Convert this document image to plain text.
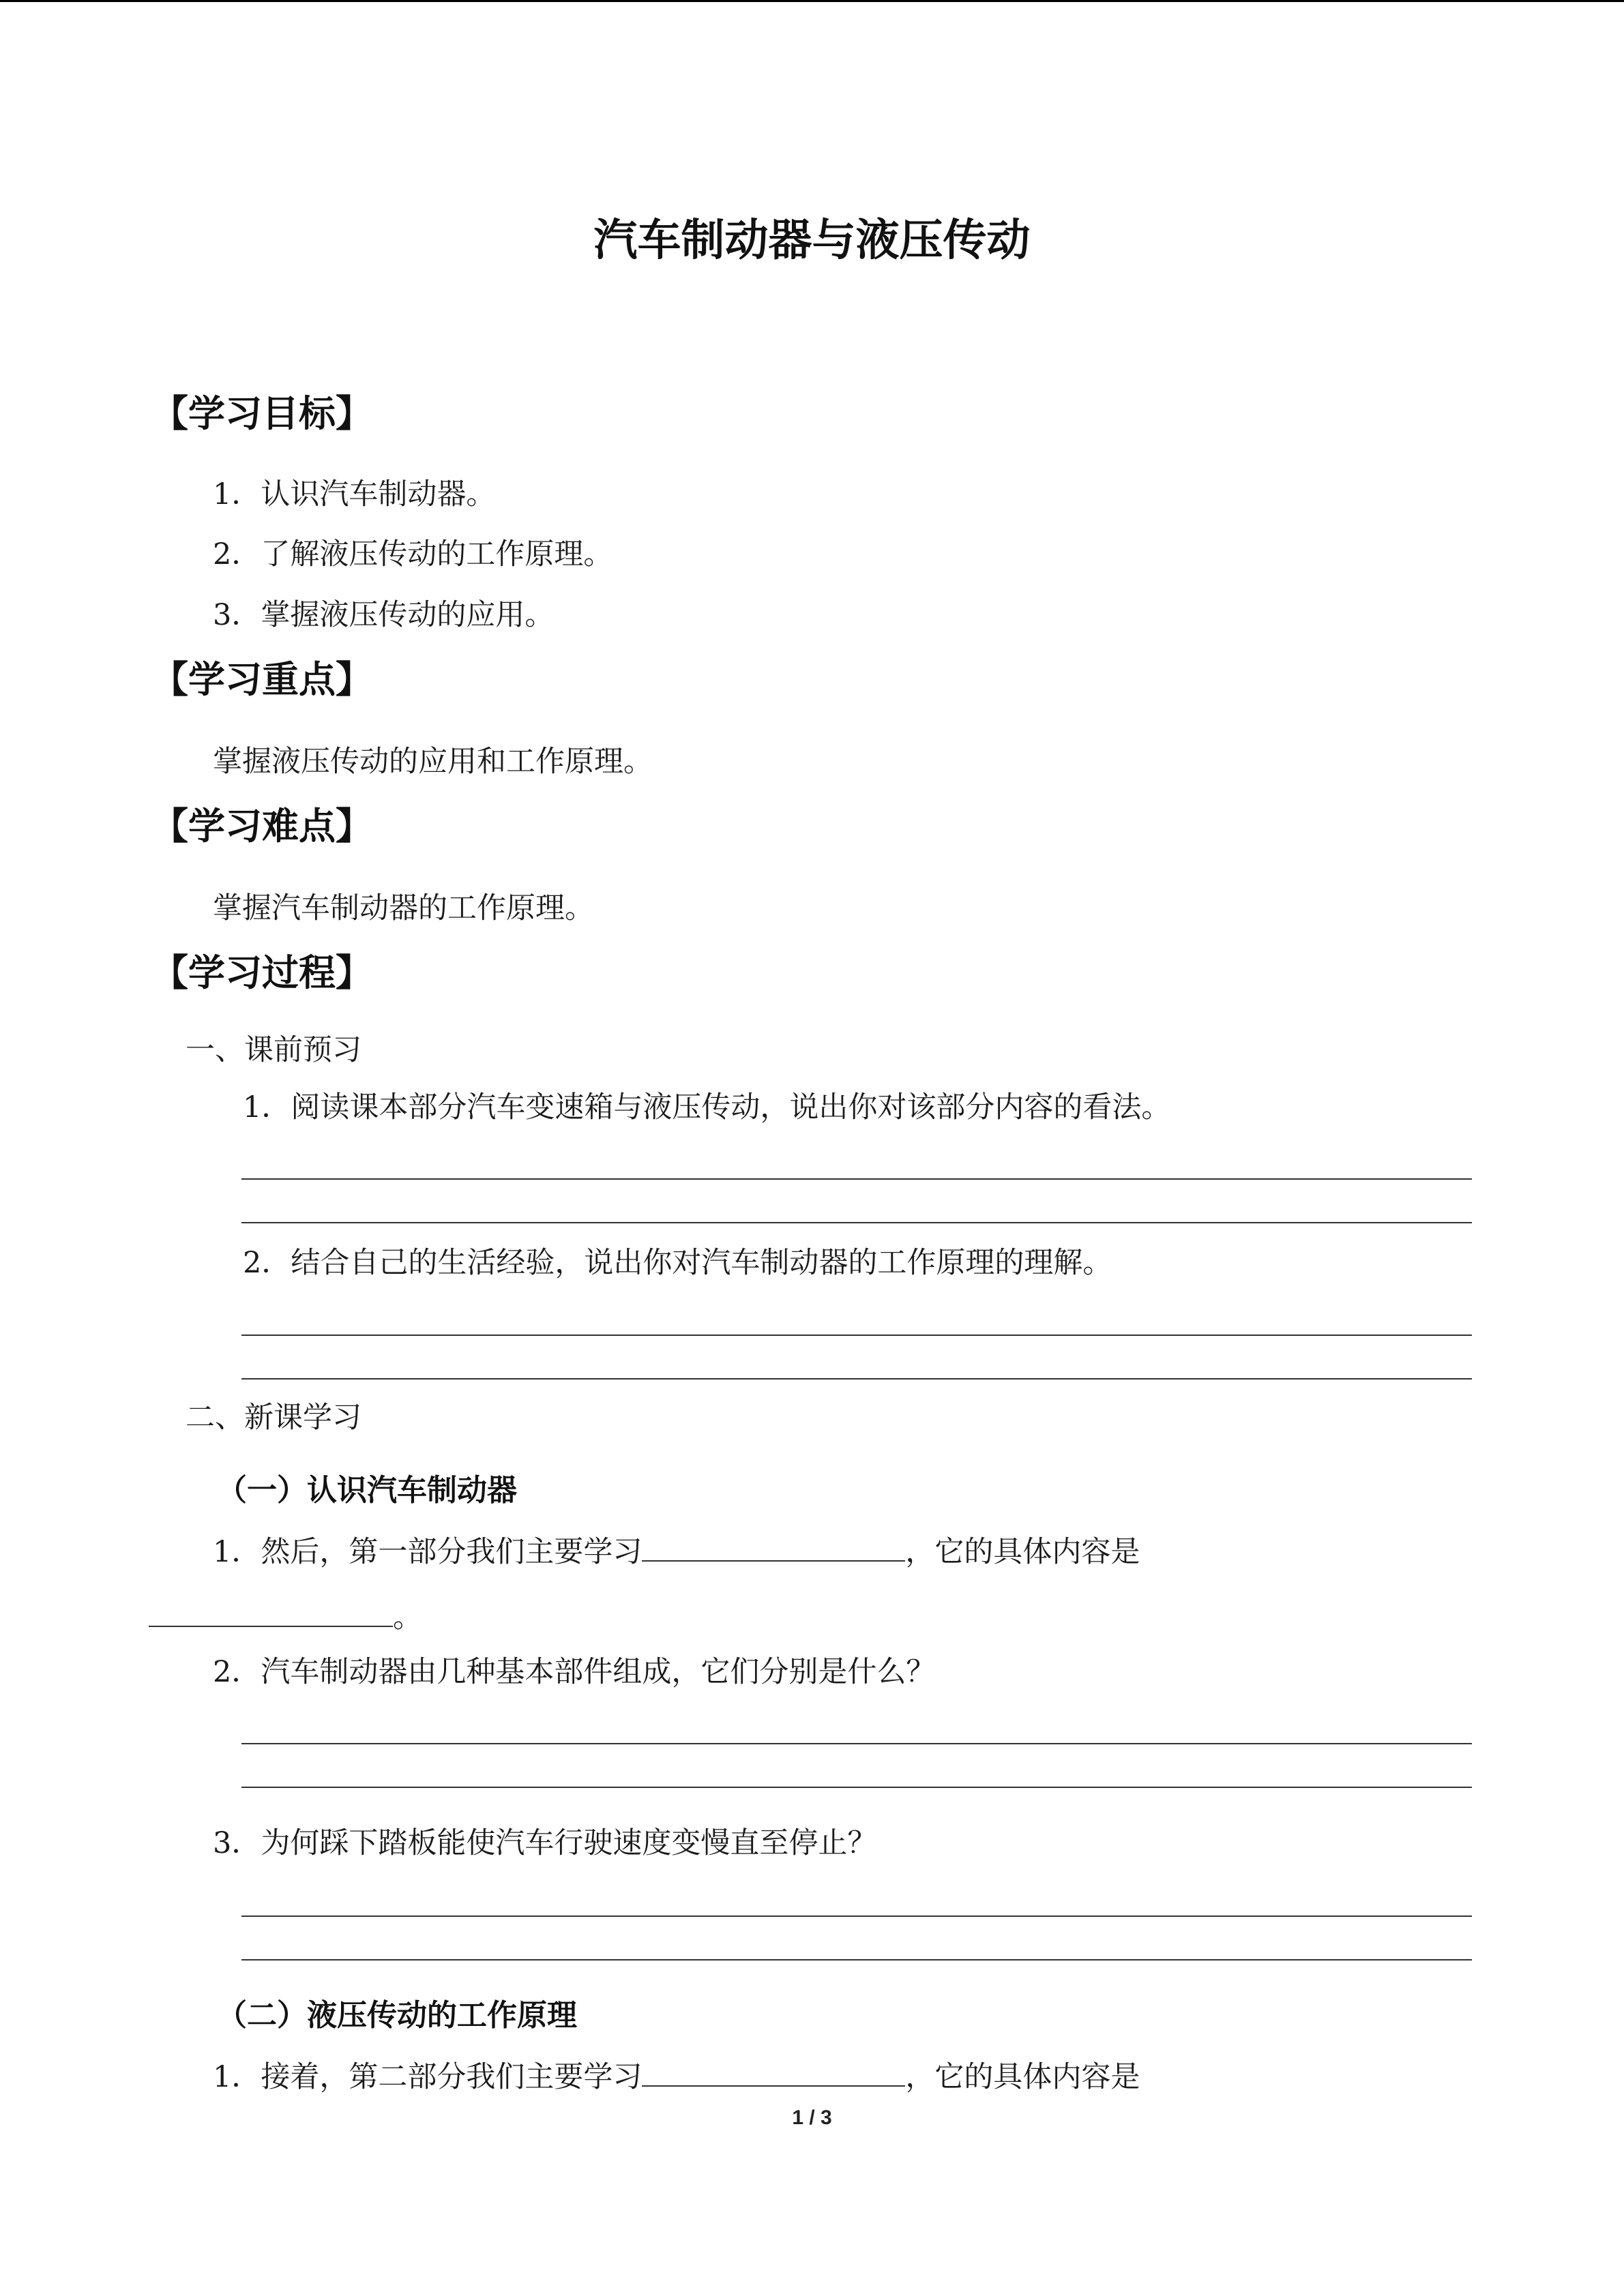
汽车制动器与液压传动
【学习目标】
1．认识汽车制动器。
2．了解液压传动的工作原理。
3．掌握液压传动的应用。
【学习重点】
掌握液压传动的应用和工作原理。
【学习难点】
掌握汽车制动器的工作原理。
【学习过程】
一、课前预习
1．阅读课本部分汽车变速箱与液压传动，说出你对该部分内容的看法。
2．结合自己的生活经验，说出你对汽车制动器的工作原理的理解。
二、新课学习
（一）认识汽车制动器
1．然后，第一部分我们主要学习	，它的具体内容是
。
2．汽车制动器由几种基本部件组成，它们分别是什么？
3．为何踩下踏板能使汽车行驶速度变慢直至停止？
（二）液压传动的工作原理
1．接着，第二部分我们主要学习	，它的具体内容是
1 / 3
